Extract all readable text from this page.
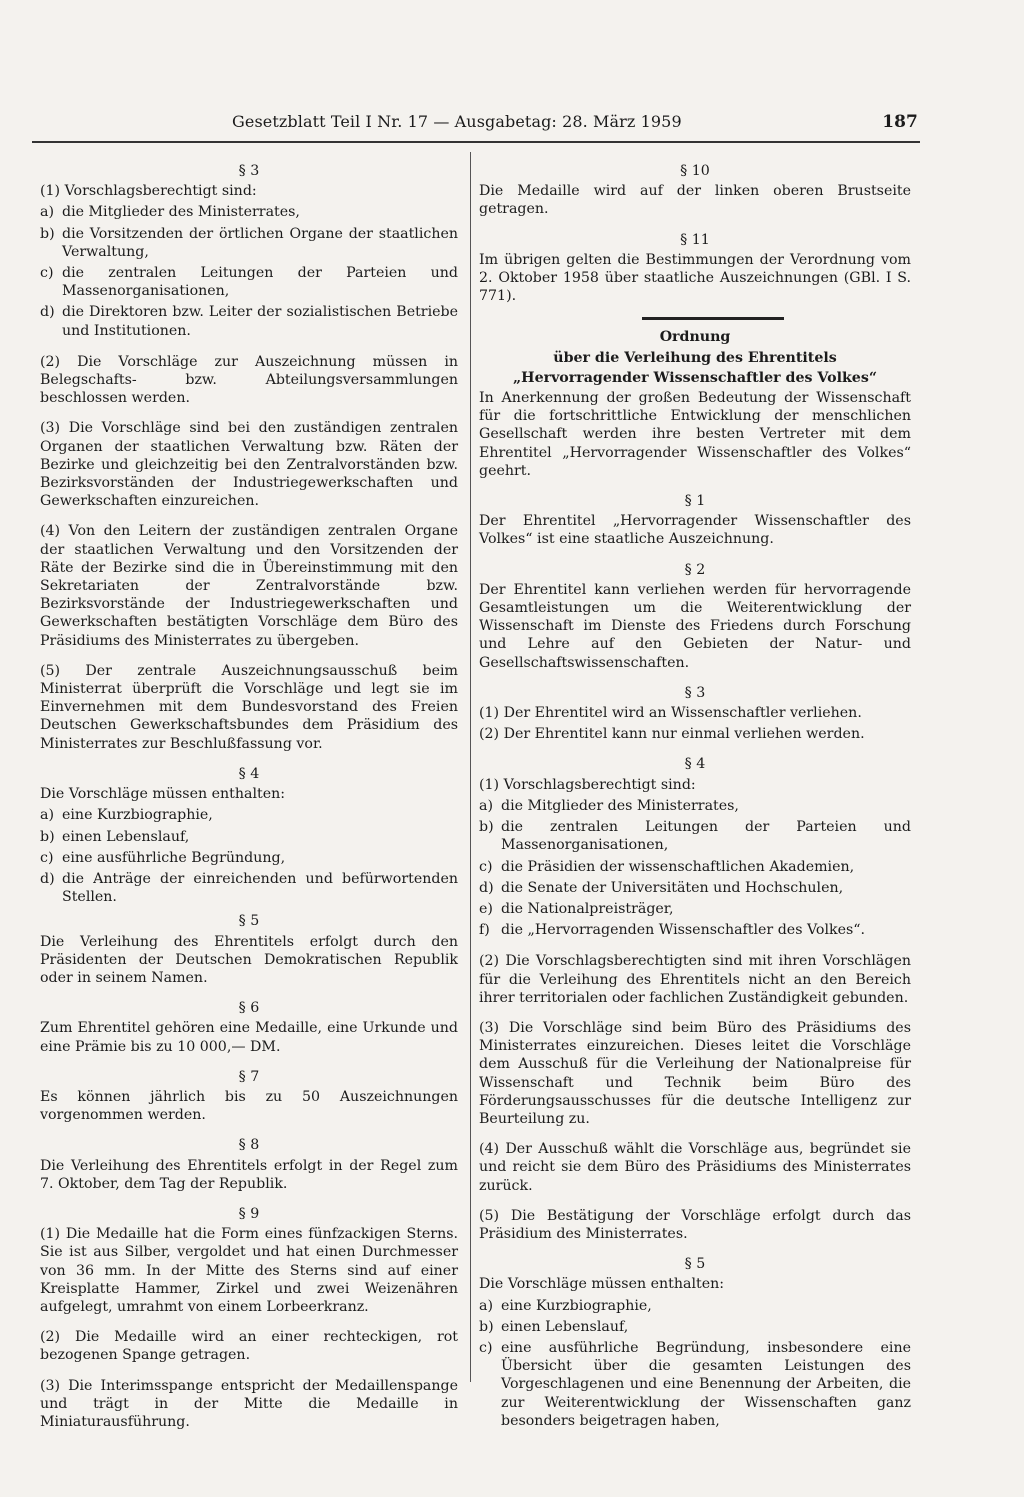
Gesetzblatt Teil I Nr. 17 — Ausgabetag: 28. März 1959	187
§ 3
(1) Vorschlagsberechtigt sind:
a) die Mitglieder des Ministerrates,
b) die Vorsitzenden der örtlichen Organe der staatlichen Verwaltung,
c) die zentralen Leitungen der Parteien und Massenorganisationen,
d) die Direktoren bzw. Leiter der sozialistischen Betriebe und Institutionen.
(2) Die Vorschläge zur Auszeichnung müssen in Belegschafts- bzw. Abteilungsversammlungen beschlossen werden.
(3) Die Vorschläge sind bei den zuständigen zentralen Organen der staatlichen Verwaltung bzw. Räten der Bezirke und gleichzeitig bei den Zentralvorständen bzw. Bezirksvorständen der Industriegewerkschaften und Gewerkschaften einzureichen.
(4) Von den Leitern der zuständigen zentralen Organe der staatlichen Verwaltung und den Vorsitzenden der Räte der Bezirke sind die in Übereinstimmung mit den Sekretariaten der Zentralvorstände bzw. Bezirksvorstände der Industriegewerkschaften und Gewerkschaften bestätigten Vorschläge dem Büro des Präsidiums des Ministerrates zu übergeben.
(5) Der zentrale Auszeichnungsausschuß beim Ministerrat überprüft die Vorschläge und legt sie im Einvernehmen mit dem Bundesvorstand des Freien Deutschen Gewerkschaftsbundes dem Präsidium des Ministerrates zur Beschlußfassung vor.
§ 4
Die Vorschläge müssen enthalten:
a) eine Kurzbiographie,
b) einen Lebenslauf,
c) eine ausführliche Begründung,
d) die Anträge der einreichenden und befürwortenden Stellen.
§ 5
Die Verleihung des Ehrentitels erfolgt durch den Präsidenten der Deutschen Demokratischen Republik oder in seinem Namen.
§ 6
Zum Ehrentitel gehören eine Medaille, eine Urkunde und eine Prämie bis zu 10 000,— DM.
§ 7
Es können jährlich bis zu 50 Auszeichnungen vorgenommen werden.
§ 8
Die Verleihung des Ehrentitels erfolgt in der Regel zum 7. Oktober, dem Tag der Republik.
§ 9
(1) Die Medaille hat die Form eines fünfzackigen Sterns. Sie ist aus Silber, vergoldet und hat einen Durchmesser von 36 mm. In der Mitte des Sterns sind auf einer Kreisplatte Hammer, Zirkel und zwei Weizenähren aufgelegt, umrahmt von einem Lorbeerkranz.
(2) Die Medaille wird an einer rechteckigen, rot bezogenen Spange getragen.
(3) Die Interimsspange entspricht der Medaillenspange und trägt in der Mitte die Medaille in Miniaturausführung.
§ 10
Die Medaille wird auf der linken oberen Brustseite getragen.
§ 11
Im übrigen gelten die Bestimmungen der Verordnung vom 2. Oktober 1958 über staatliche Auszeichnungen (GBl. I S. 771).
Ordnung
über die Verleihung des Ehrentitels
„Hervorragender Wissenschaftler des Volkes“
In Anerkennung der großen Bedeutung der Wissenschaft für die fortschrittliche Entwicklung der menschlichen Gesellschaft werden ihre besten Vertreter mit dem Ehrentitel „Hervorragender Wissenschaftler des Volkes“ geehrt.
§ 1
Der Ehrentitel „Hervorragender Wissenschaftler des Volkes“ ist eine staatliche Auszeichnung.
§ 2
Der Ehrentitel kann verliehen werden für hervorragende Gesamtleistungen um die Weiterentwicklung der Wissenschaft im Dienste des Friedens durch Forschung und Lehre auf den Gebieten der Natur- und Gesellschaftswissenschaften.
§ 3
(1) Der Ehrentitel wird an Wissenschaftler verliehen.
(2) Der Ehrentitel kann nur einmal verliehen werden.
§ 4
(1) Vorschlagsberechtigt sind:
a) die Mitglieder des Ministerrates,
b) die zentralen Leitungen der Parteien und Massenorganisationen,
c) die Präsidien der wissenschaftlichen Akademien,
d) die Senate der Universitäten und Hochschulen,
e) die Nationalpreisträger,
f) die „Hervorragenden Wissenschaftler des Volkes“.
(2) Die Vorschlagsberechtigten sind mit ihren Vorschlägen für die Verleihung des Ehrentitels nicht an den Bereich ihrer territorialen oder fachlichen Zuständigkeit gebunden.
(3) Die Vorschläge sind beim Büro des Präsidiums des Ministerrates einzureichen. Dieses leitet die Vorschläge dem Ausschuß für die Verleihung der Nationalpreise für Wissenschaft und Technik beim Büro des Förderungsausschusses für die deutsche Intelligenz zur Beurteilung zu.
(4) Der Ausschuß wählt die Vorschläge aus, begründet sie und reicht sie dem Büro des Präsidiums des Ministerrates zurück.
(5) Die Bestätigung der Vorschläge erfolgt durch das Präsidium des Ministerrates.
§ 5
Die Vorschläge müssen enthalten:
a) eine Kurzbiographie,
b) einen Lebenslauf,
c) eine ausführliche Begründung, insbesondere eine Übersicht über die gesamten Leistungen des Vorgeschlagenen und eine Benennung der Arbeiten, die zur Weiterentwicklung der Wissenschaften ganz besonders beigetragen haben,
